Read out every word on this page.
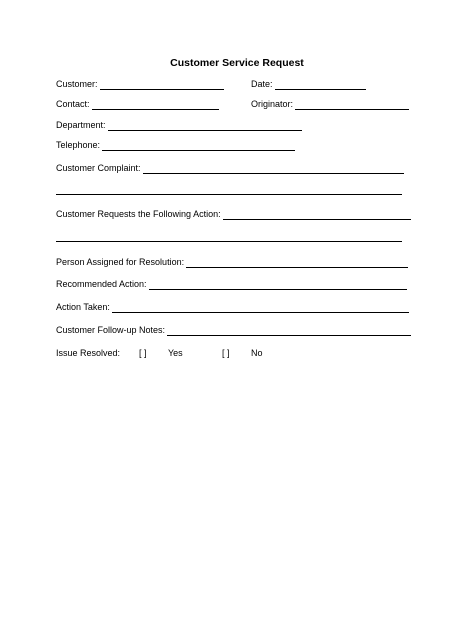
Customer Service Request
Customer:	Date:
Contact:	Originator:
Department:
Telephone:
Customer Complaint:
Customer Requests the Following Action:
Person Assigned for Resolution:
Recommended Action:
Action Taken:
Customer Follow-up Notes:
Issue Resolved: [ ] Yes	[ ] No
